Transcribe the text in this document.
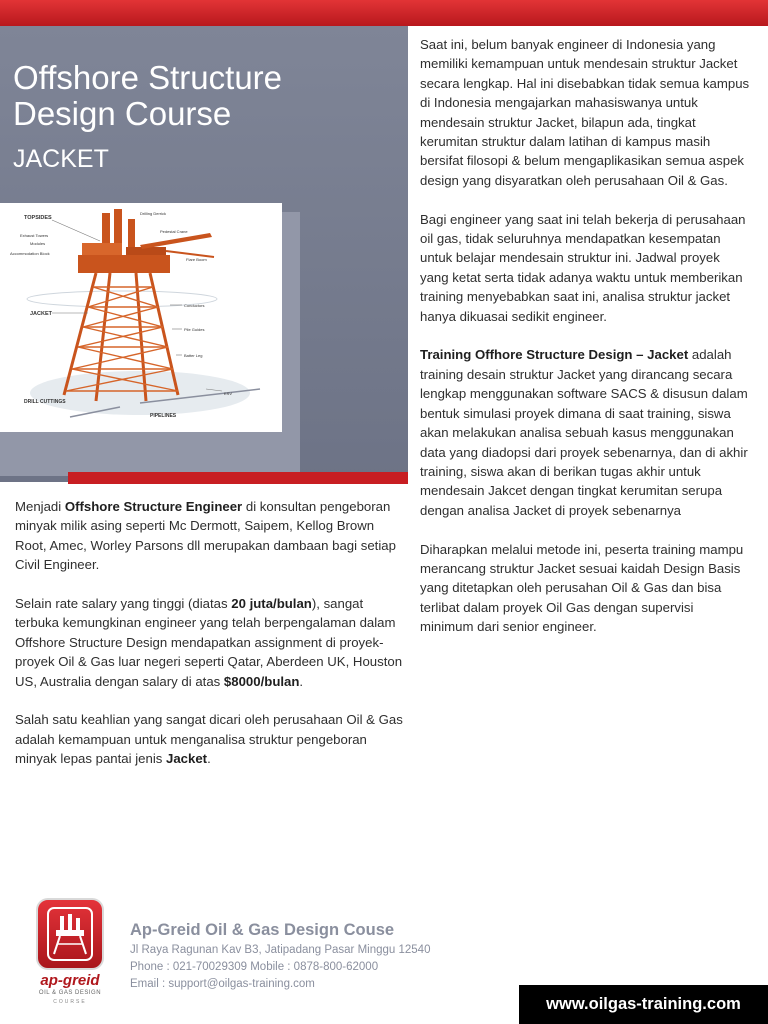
Offshore Structure
Design Course
JACKET
TOPSIDES
Drilling Derrick
Pedestal Crane
Flare Boom
Exhaust Towers
Modules
Accommodation Block
JACKET
Conductors
Pile Guides
Batter Leg
DRILL CUTTINGS
PIPELINES
ESV

Menjadi Offshore Structure Engineer di konsultan pengeboran minyak milik asing seperti Mc Dermott, Saipem, Kellog Brown Root, Amec, Worley Parsons dll merupakan dambaan bagi setiap Civil Engineer.

Selain rate salary yang tinggi (diatas 20 juta/bulan), sangat terbuka kemungkinan engineer yang telah berpengalaman dalam Offshore Structure Design mendapatkan assignment di proyek-proyek Oil & Gas luar negeri seperti Qatar, Aberdeen UK, Houston US, Australia dengan salary di atas $8000/bulan.

Salah satu keahlian yang sangat dicari oleh perusahaan Oil & Gas adalah kemampuan untuk menganalisa struktur pengeboran minyak lepas pantai jenis Jacket.

Saat ini, belum banyak engineer di Indonesia yang memiliki kemampuan untuk mendesain struktur Jacket secara lengkap. Hal ini disebabkan tidak semua kampus di Indonesia mengajarkan mahasiswanya untuk mendesain struktur Jacket, bilapun ada, tingkat kerumitan struktur dalam latihan di kampus masih bersifat filosopi & belum mengaplikasikan semua aspek design yang disyaratkan oleh perusahaan Oil & Gas.

Bagi engineer yang saat ini telah bekerja di perusahaan oil gas, tidak seluruhnya mendapatkan kesempatan untuk belajar mendesain struktur ini. Jadwal proyek yang ketat serta tidak adanya waktu untuk memberikan training menyebabkan saat ini, analisa struktur jacket hanya dikuasai sedikit engineer.

Training Offhore Structure Design – Jacket adalah training desain struktur Jacket yang dirancang secara lengkap menggunakan software SACS & disusun dalam bentuk simulasi proyek dimana di saat training, siswa akan melakukan analisa sebuah kasus menggunakan data yang diadopsi dari proyek sebenarnya, dan di akhir training, siswa akan di berikan tugas akhir untuk mendesain Jakcet dengan tingkat kerumitan serupa dengan analisa Jacket di proyek sebenarnya

Diharapkan melalui metode ini, peserta training mampu merancang struktur Jacket sesuai kaidah Design Basis yang ditetapkan oleh perusahan Oil & Gas dan bisa terlibat dalam proyek Oil Gas dengan supervisi minimum dari senior engineer.

ap-greid
OIL & GAS DESIGN
COURSE
Ap-Greid Oil & Gas Design Couse
Jl Raya Ragunan Kav B3, Jatipadang Pasar Minggu 12540
Phone : 021-70029309 Mobile : 0878-800-62000
Email : support@oilgas-training.com
www.oilgas-training.com
